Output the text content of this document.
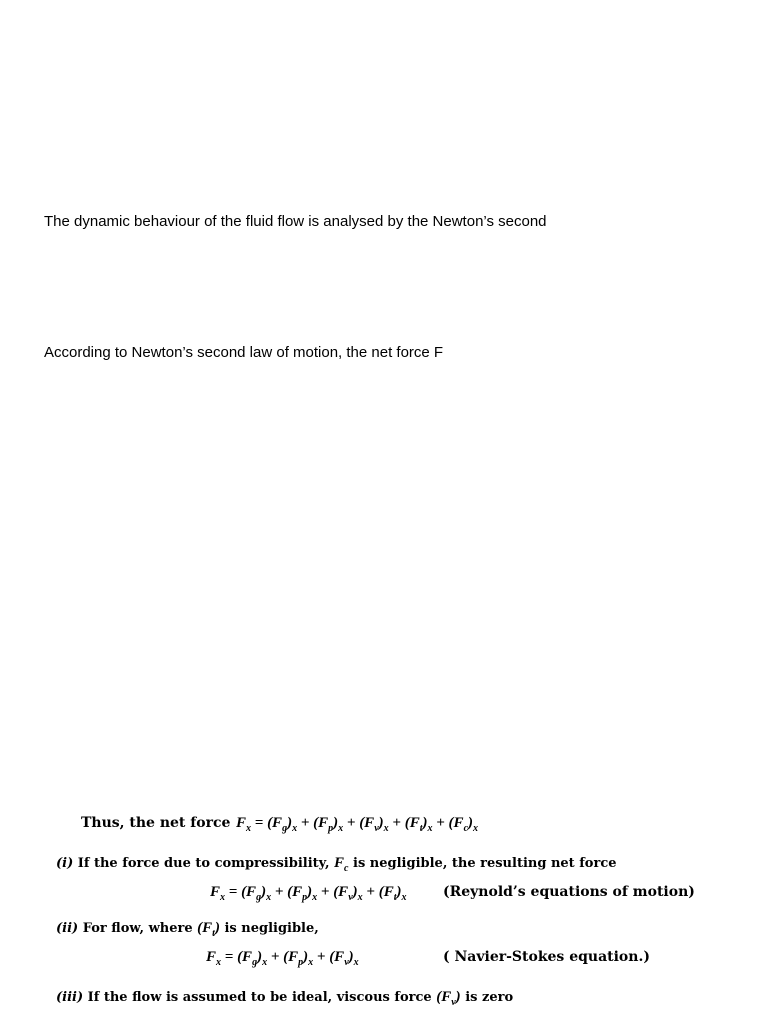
The dynamic behaviour of the fluid flow is analysed by the Newton’s second
According to Newton’s second law of motion, the net force F
Thus, the net force $F_x = (F_g)_x + (F_p)_x + (F_v)_x + (F_t)_x + (F_c)_x$
(i) If the force due to compressibility, $F_c$ is negligible, the resulting net force
$F_x = (F_g)_x + (F_p)_x + (F_v)_x + (F_t)_x$	(Reynold’s equations of motion)
(ii) For flow, where $(F_t)$ is negligible,
$F_x = (F_g)_x + (F_p)_x + (F_v)_x$	( Navier-Stokes equation.)
(iii) If the flow is assumed to be ideal, viscous force $(F_v)$ is zero
